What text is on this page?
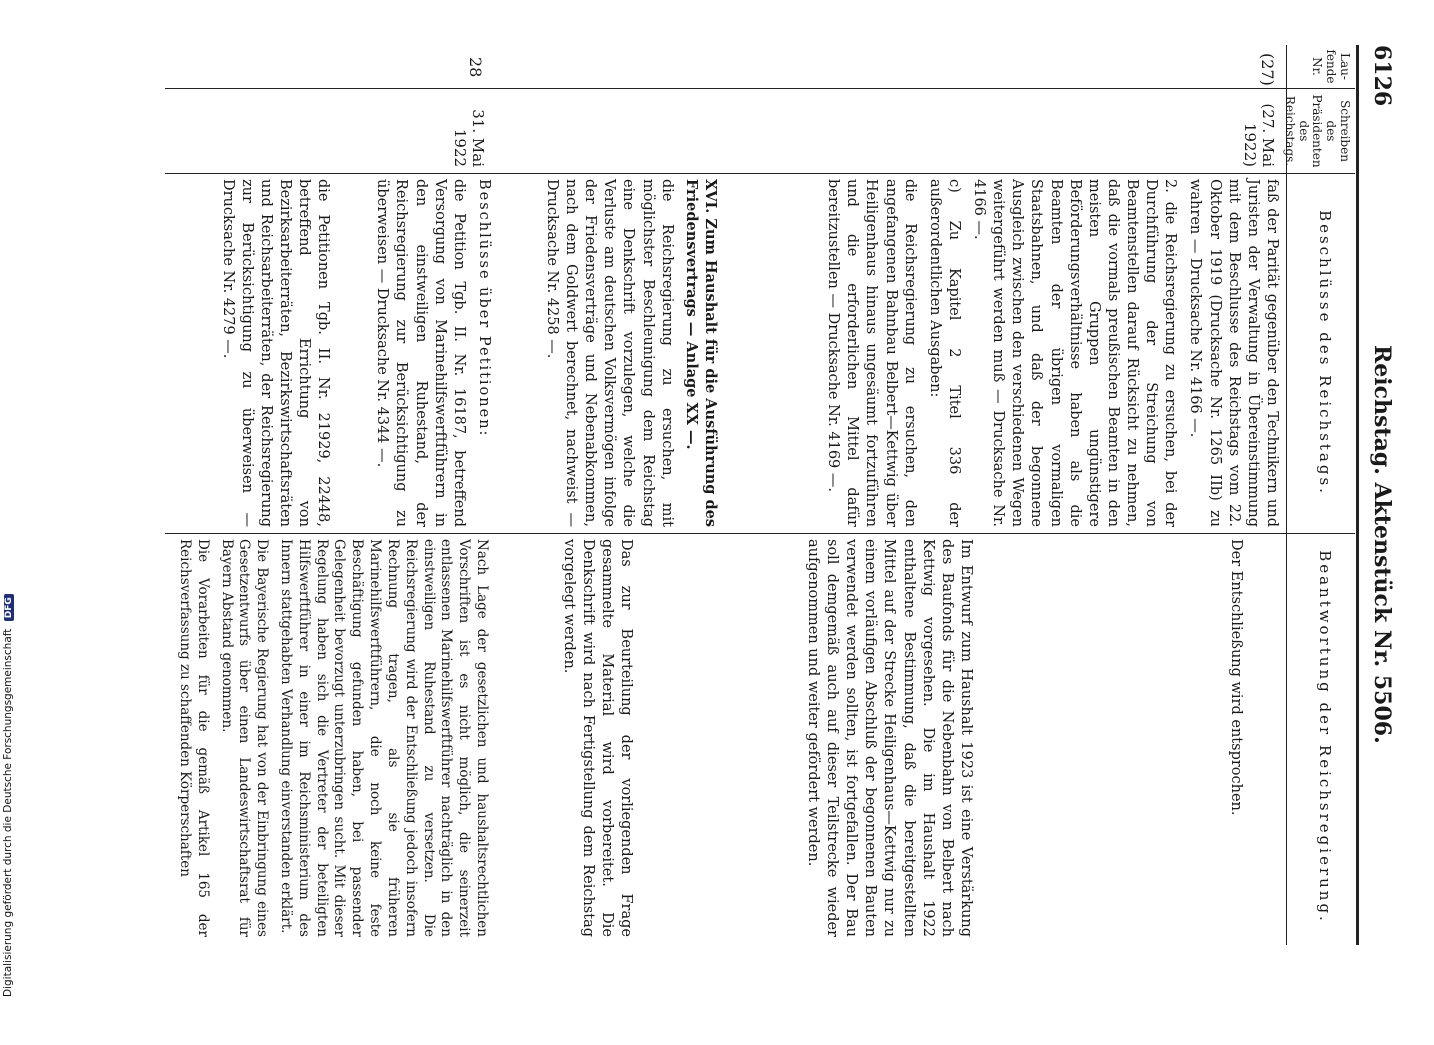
6126
Reichstag. Aktenstück Nr. 5506.
Lau-fende Nr.
Schreiben des Präsidenten des Reichstags.
Beschlüsse des Reichstags.
Beantwortung der Reichsregierung.
(27)
(27. Mai 1922)
faß der Parität gegenüber den Technikern und Juristen der Verwaltung in Übereinstimmung mit dem Beschlusse des Reichstags vom 22. Oktober 1919 (Drucksache Nr. 1265 IIb) zu wahren — Drucksache Nr. 4166 —.
2. die Reichsregierung zu ersuchen, bei der Durchführung der Streichung von Beamtenstellen darauf Rücksicht zu nehmen, daß die vormals preußischen Beamten in den meisten Gruppen ungünstigere Beförderungsverhältnisse haben als die Beamten der übrigen vormaligen Staatsbahnen, und daß der begonnene Ausgleich zwischen den verschiedenen Wegen weitergeführt werden muß — Drucksache Nr. 4166 —.
c) Zu Kapitel 2 Titel 336 der außerordentlichen Ausgaben:
die Reichsregierung zu ersuchen, den angefangenen Bahnbau Belbert—Kettwig über Heiligenhaus hinaus ungesäumt fortzuführen und die erforderlichen Mittel dafür bereitzustellen — Drucksache Nr. 4169 —.
Der Entschließung wird entsprochen.
Im Entwurf zum Haushalt 1923 ist eine Verstärkung des Baufonds für die Nebenbahn von Belbert nach Kettwig vorgesehen. Die im Haushalt 1922 enthaltene Bestimmung, daß die bereitgestellten Mittel auf der Strecke Heiligenhaus—Kettwig nur zu einem vorläufigen Abschluß der begonnenen Bauten verwendet werden sollten, ist fortgefallen. Der Bau soll demgemäß auch auf dieser Teilstrecke wieder aufgenommen und weiter gefördert werden.
XVI. Zum Haushalt für die Ausführung des Friedensvertrags — Anlage XX —.
die Reichsregierung zu ersuchen, mit möglichster Beschleunigung dem Reichstag eine Denkschrift vorzulegen, welche die Verluste am deutschen Volksvermögen infolge der Friedensverträge und Nebenabkommen, nach dem Goldwert berechnet, nachweist — Drucksache Nr. 4258 —.
Das zur Beurteilung der vorliegenden Frage gesammelte Material wird vorbereitet. Die Denkschrift wird nach Fertigstellung dem Reichstag vorgelegt werden.
28
31. Mai 1922
Beschlüsse über Petitionen:
die Petition Tgb. II. Nr. 16187, betreffend Versorgung von Marinehilfswerftführern in den einstweiligen Ruhestand, der Reichsregierung zur Berücksichtigung zu überweisen — Drucksache Nr. 4344 —.
die Petitionen Tgb. II. Nr. 21929, 22448, betreffend Errichtung von Bezirksarbeiterräten, Bezirkswirtschaftsräten und Reichsarbeiterräten, der Reichsregierung zur Berücksichtigung zu überweisen — Drucksache Nr. 4279 —.
Nach Lage der gesetzlichen und haushaltsrechtlichen Vorschriften ist es nicht möglich, die seinerzeit entlassenen Marinehilfswerftführer nachträglich in den einstweiligen Ruhestand zu versetzen. Die Reichsregierung wird der Entschließung jedoch insofern Rechnung tragen, als sie früheren Marinehilfswerftführern, die noch keine feste Beschäftigung gefunden haben, bei passender Gelegenheit bevorzugt unterzubringen sucht. Mit dieser Regelung haben sich die Vertreter der beteiligten Hilfswerftführer in einer im Reichsministerium des Innern stattgehabten Verhandlung einverstanden erklärt.
Die Bayerische Regierung hat von der Einbringung eines Gesetzentwurfs über einen Landeswirtschaftsrat für Bayern Abstand genommen.
Die Vorarbeiten für die gemäß Artikel 165 der Reichsverfassung zu schaffenden Körperschaften
Digitalisierung gefördert durch die Deutsche Forschungsgemeinschaft DFG
